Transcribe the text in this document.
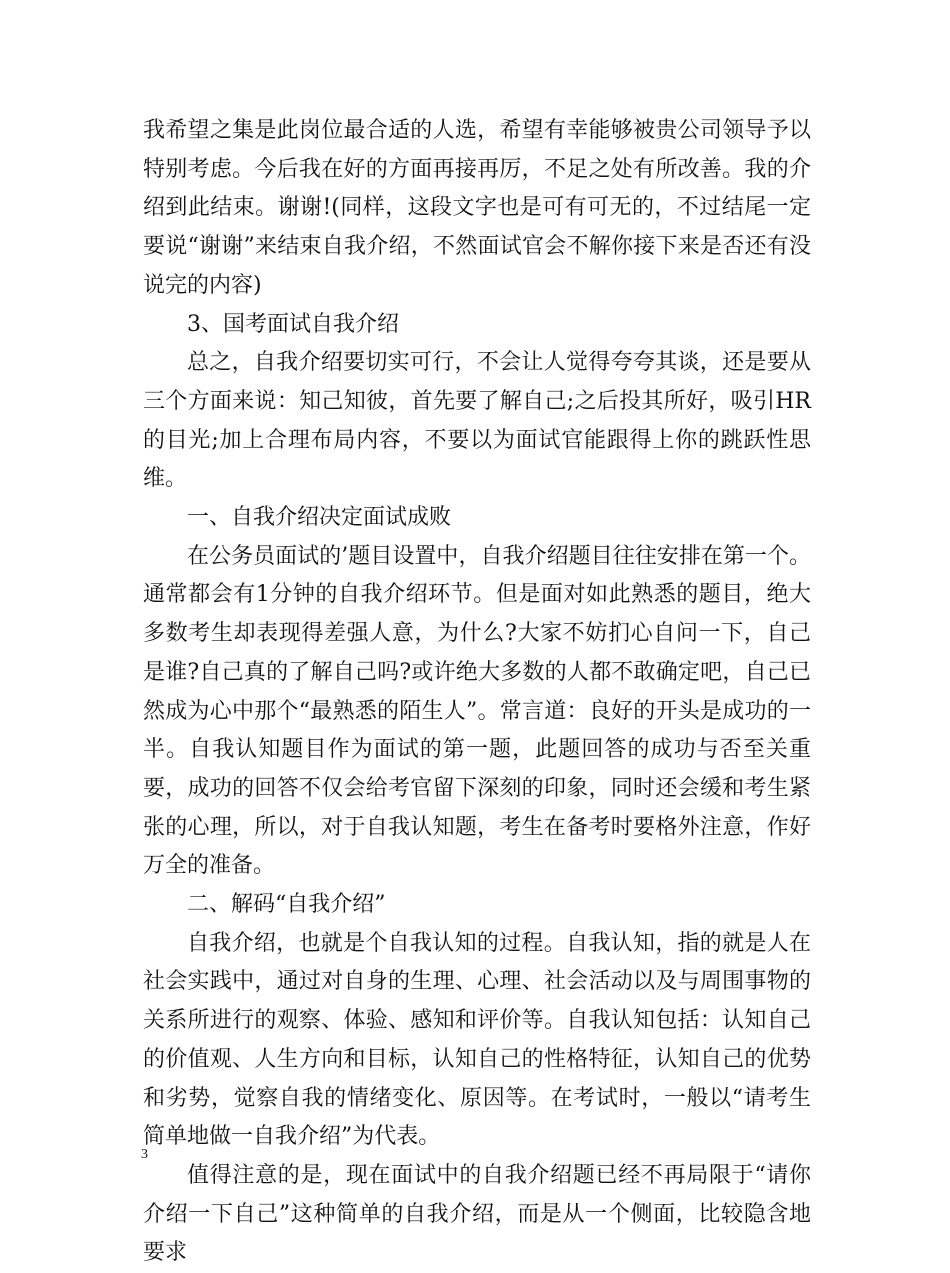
我希望之集是此岗位最合适的人选，希望有幸能够被贵公司领导予以特别考虑。今后我在好的方面再接再厉，不足之处有所改善。我的介绍到此结束。谢谢!(同样，这段文字也是可有可无的，不过结尾一定要说“谢谢”来结束自我介绍，不然面试官会不解你接下来是否还有没说完的内容)

3、国考面试自我介绍

总之，自我介绍要切实可行，不会让人觉得夸夸其谈，还是要从三个方面来说：知己知彼，首先要了解自己;之后投其所好，吸引HR的目光;加上合理布局内容，不要以为面试官能跟得上你的跳跃性思维。

一、自我介绍决定面试成败

在公务员面试的’题目设置中，自我介绍题目往往安排在第一个。通常都会有1分钟的自我介绍环节。但是面对如此熟悉的题目，绝大多数考生却表现得差强人意，为什么?大家不妨扪心自问一下，自己是谁?自己真的了解自己吗?或许绝大多数的人都不敢确定吧，自己已然成为心中那个“最熟悉的陌生人”。常言道：良好的开头是成功的一半。自我认知题目作为面试的第一题，此题回答的成功与否至关重要，成功的回答不仅会给考官留下深刻的印象，同时还会缓和考生紧张的心理，所以，对于自我认知题，考生在备考时要格外注意，作好万全的准备。

二、解码“自我介绍”

自我介绍，也就是个自我认知的过程。自我认知，指的就是人在社会实践中，通过对自身的生理、心理、社会活动以及与周围事物的关系所进行的观察、体验、感知和评价等。自我认知包括：认知自己的价值观、人生方向和目标，认知自己的性格特征，认知自己的优势和劣势，觉察自我的情绪变化、原因等。在考试时，一般以“请考生简单地做一自我介绍”为代表。

值得注意的是，现在面试中的自我介绍题已经不再局限于“请你介绍一下自己”这种简单的自我介绍，而是从一个侧面，比较隐含地要求

3
